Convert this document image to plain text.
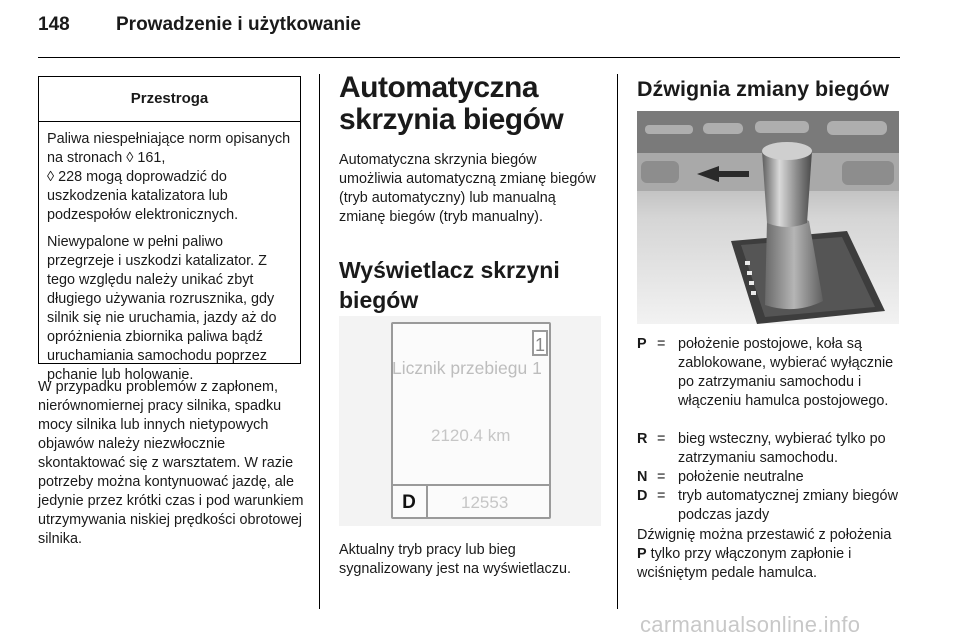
148 Prowadzenie i użytkowanie
Przestroga

Paliwa niespełniające norm opisanych na stronach ◊ 161,
◊ 228 mogą doprowadzić do uszkodzenia katalizatora lub podzespołów elektronicznych.

Niewypalone w pełni paliwo przegrzeje i uszkodzi katalizator. Z tego względu należy unikać zbyt długiego używania rozrusznika, gdy silnik się nie uruchamia, jazdy aż do opróżnienia zbiornika paliwa bądź uruchamiania samochodu poprzez pchanie lub holowanie.

W przypadku problemów z zapłonem, nierównomiernej pracy silnika, spadku mocy silnika lub innych nietypowych objawów należy niezwłocznie skontaktować się z warsztatem. W razie potrzeby można kontynuować jazdę, ale jedynie przez krótki czas i pod warunkiem utrzymywania niskiej prędkości obrotowej silnika.
Automatyczna skrzynia biegów
Automatyczna skrzynia biegów umożliwia automatyczną zmianę biegów (tryb automatyczny) lub manualną zmianę biegów (tryb manualny).
Wyświetlacz skrzyni biegów
1
Licznik przebiegu 1
2120.4 km
D	12553
Aktualny tryb pracy lub bieg sygnalizowany jest na wyświetlaczu.
Dźwignia zmiany biegów
P = położenie postojowe, koła są zablokowane, wybierać wyłącznie po zatrzymaniu samochodu i włączeniu hamulca postojowego.
R = bieg wsteczny, wybierać tylko po zatrzymaniu samochodu.
N = położenie neutralne
D = tryb automatycznej zmiany biegów podczas jazdy
Dźwignię można przestawić z położenia P tylko przy włączonym zapłonie i wciśniętym pedale hamulca.
carmanualsonline.info
